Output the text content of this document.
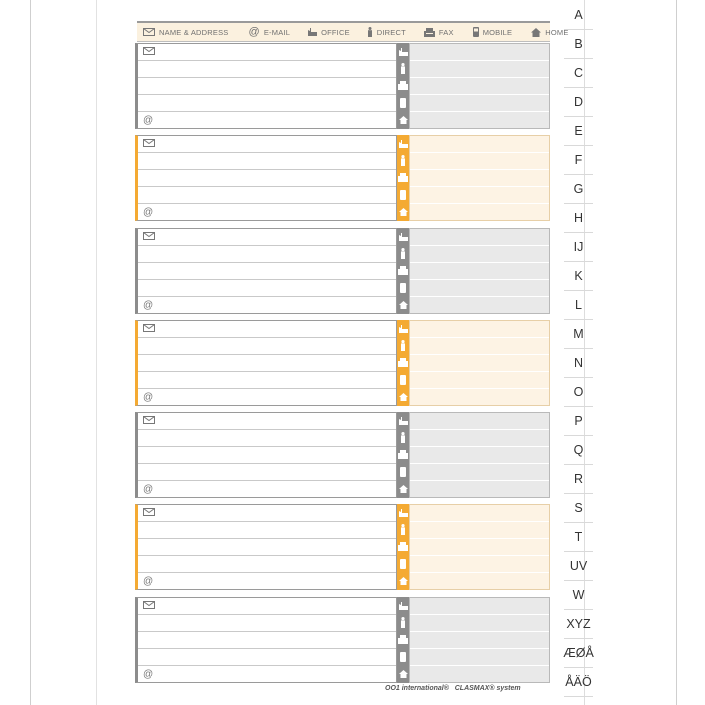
NAME & ADDRESS @ E-MAIL	OFFICE	DIRECT	FAX	MOBILE	HOME
@
@
@
@
@
@
@
OO1 international® CLASMAX® system
A
B
C
D
E
F
G
H
IJ
K
L
M
N
O
P
Q
R
S
T
UV
W
XYZ
ÆØÅ
ÅÄÖ
